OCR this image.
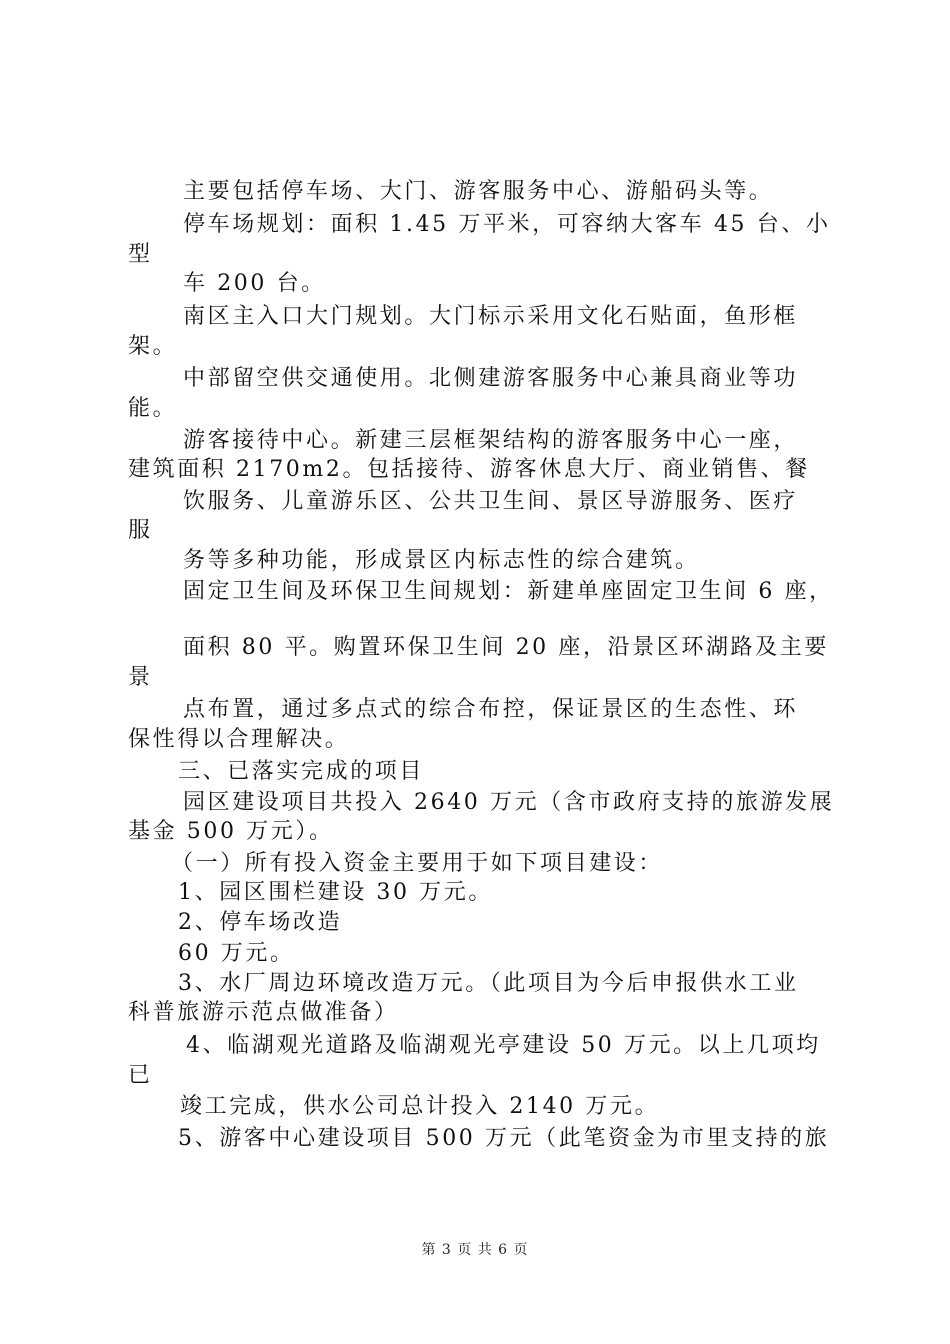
主要包括停车场、大门、游客服务中心、游船码头等。
停车场规划：面积 1.45 万平米，可容纳大客车 45 台、小
型
车 200 台。
南区主入口大门规划。大门标示采用文化石贴面，鱼形框
架。
中部留空供交通使用。北侧建游客服务中心兼具商业等功
能。
游客接待中心。新建三层框架结构的游客服务中心一座，
建筑面积 2170m2。包括接待、游客休息大厅、商业销售、餐
饮服务、儿童游乐区、公共卫生间、景区导游服务、医疗
服
务等多种功能，形成景区内标志性的综合建筑。
固定卫生间及环保卫生间规划：新建单座固定卫生间 6 座，
面积 80 平。购置环保卫生间 20 座，沿景区环湖路及主要
景
点布置，通过多点式的综合布控，保证景区的生态性、环
保性得以合理解决。
三、已落实完成的项目
园区建设项目共投入 2640 万元（含市政府支持的旅游发展
基金 500 万元）。
（一）所有投入资金主要用于如下项目建设：
1、园区围栏建设 30 万元。
2、停车场改造
60 万元。
3、水厂周边环境改造万元。（此项目为今后申报供水工业
科普旅游示范点做准备）
4、临湖观光道路及临湖观光亭建设 50 万元。以上几项均
已
竣工完成，供水公司总计投入 2140 万元。
5、游客中心建设项目 500 万元（此笔资金为市里支持的旅
第 3 页 共 6 页
